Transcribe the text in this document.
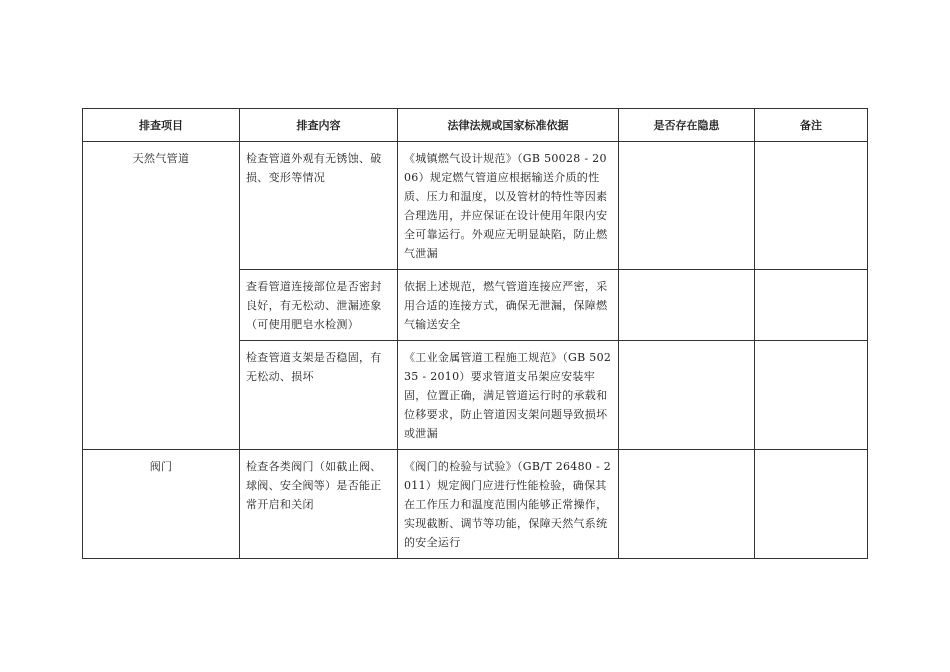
排查项目	排查内容	法律法规或国家标准依据	是否存在隐患	备注

天然气管道	检查管道外观有无锈蚀、破损、变形等情况	《城镇燃气设计规范》（GB 50028 - 2006）规定燃气管道应根据输送介质的性质、压力和温度，以及管材的特性等因素合理选用，并应保证在设计使用年限内安全可靠运行。外观应无明显缺陷，防止燃气泄漏		

	查看管道连接部位是否密封良好，有无松动、泄漏迹象（可使用肥皂水检测）	依据上述规范，燃气管道连接应严密，采用合适的连接方式，确保无泄漏，保障燃气输送安全		

	检查管道支架是否稳固，有无松动、损坏	《工业金属管道工程施工规范》（GB 50235 - 2010）要求管道支吊架应安装牢固，位置正确，满足管道运行时的承载和位移要求，防止管道因支架问题导致损坏或泄漏		

阀门	检查各类阀门（如截止阀、球阀、安全阀等）是否能正常开启和关闭	《阀门的检验与试验》（GB/T 26480 - 2011）规定阀门应进行性能检验，确保其在工作压力和温度范围内能够正常操作，实现截断、调节等功能，保障天然气系统的安全运行		
